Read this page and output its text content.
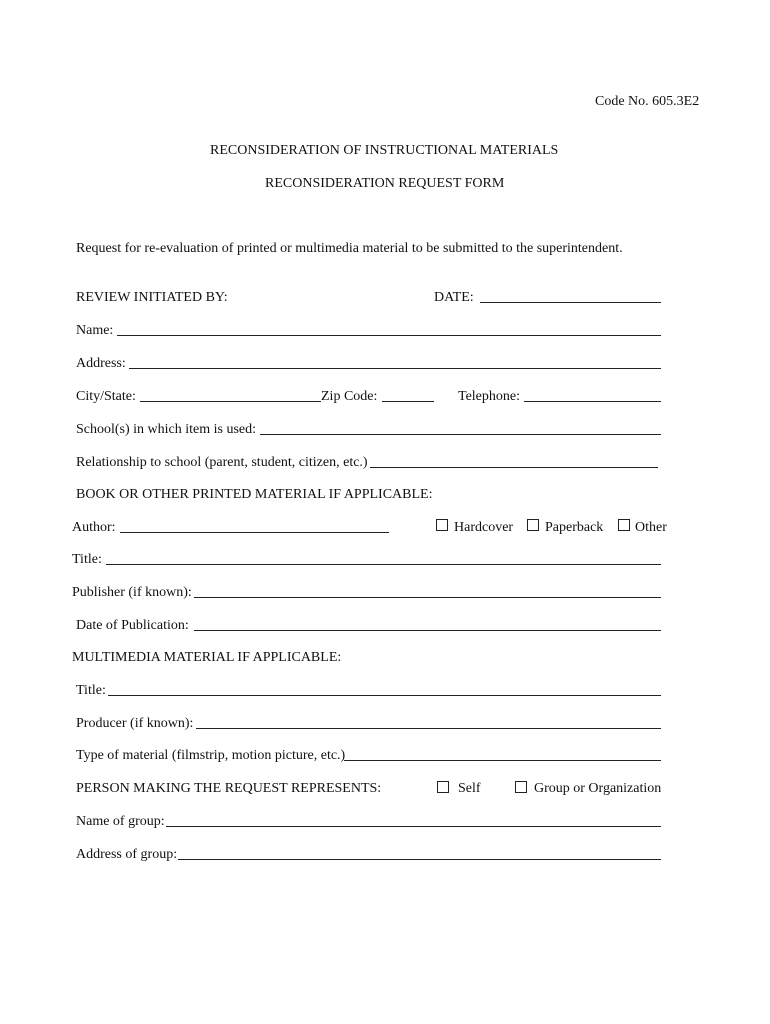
Code No. 605.3E2
RECONSIDERATION OF INSTRUCTIONAL MATERIALS
RECONSIDERATION REQUEST FORM
Request for re-evaluation of printed or multimedia material to be submitted to the superintendent.
REVIEW INITIATED BY:	DATE:
Name:
Address:
City/State:	Zip Code:	Telephone:
School(s) in which item is used:
Relationship to school (parent, student, citizen, etc.)
BOOK OR OTHER PRINTED MATERIAL IF APPLICABLE:
Author:	Hardcover Paperback Other
Title:
Publisher (if known):
Date of Publication:
MULTIMEDIA MATERIAL IF APPLICABLE:
Title:
Producer (if known):
Type of material (filmstrip, motion picture, etc.)
PERSON MAKING THE REQUEST REPRESENTS:	Self	Group or Organization
Name of group:
Address of group:
